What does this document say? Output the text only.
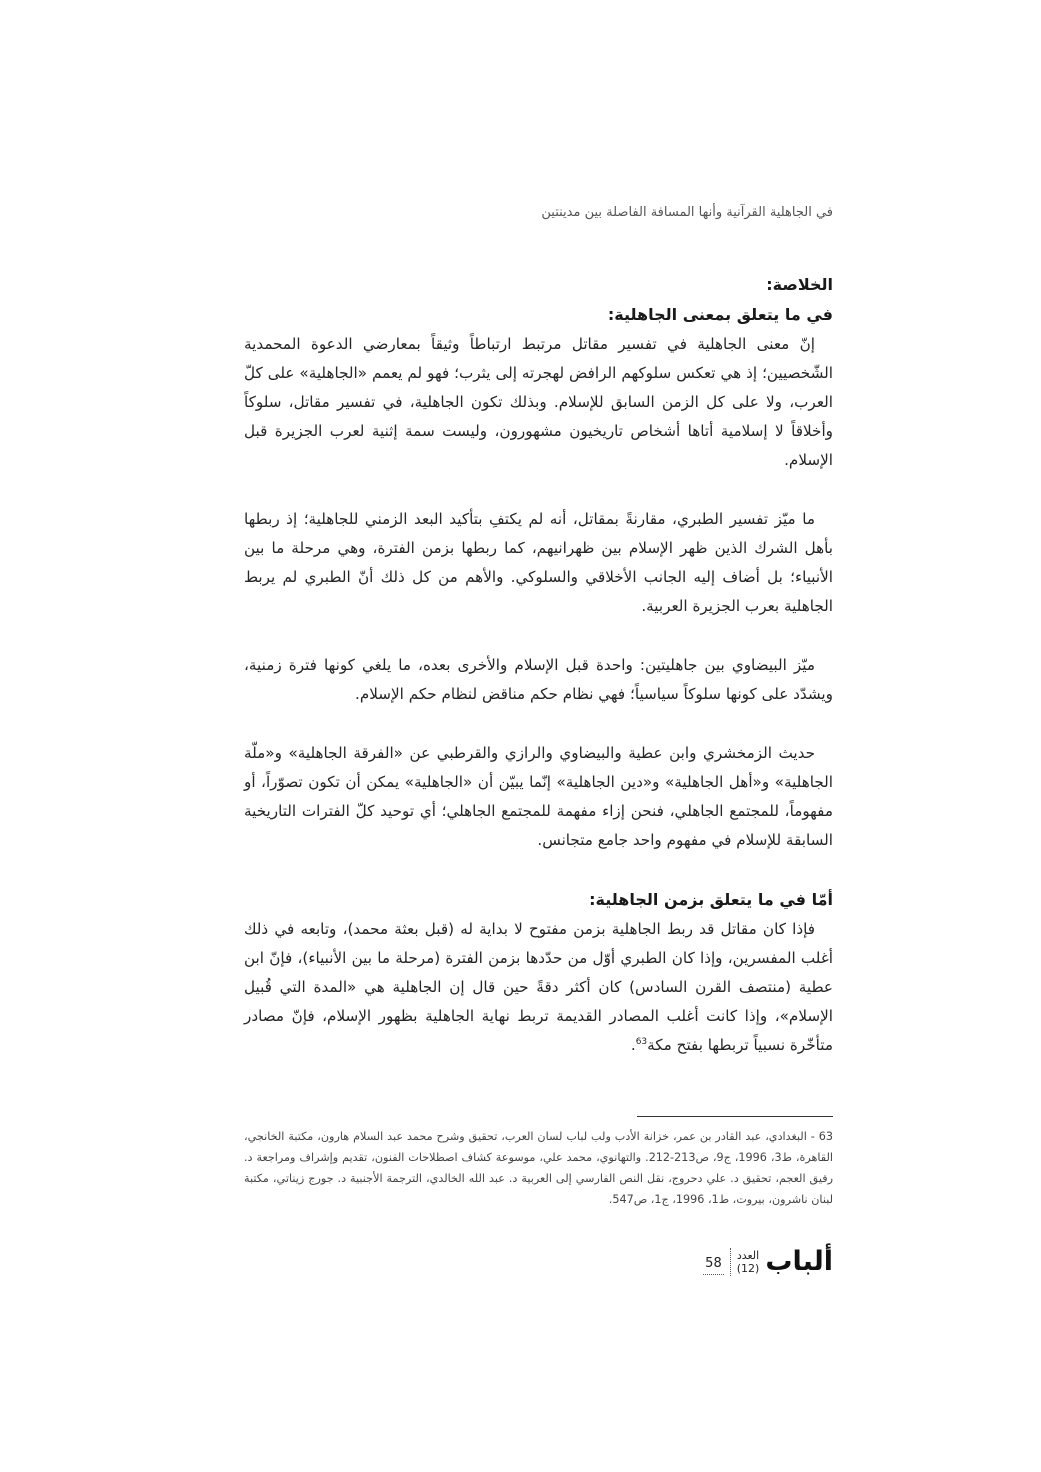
في الجاهلية القرآنية وأنها المسافة الفاصلة بين مدينتين
الخلاصة:
في ما يتعلق بمعنى الجاهلية:

إنّ معنى الجاهلية في تفسير مقاتل مرتبط ارتباطاً وثيقاً بمعارضي الدعوة المحمدية الشّخصيين؛ إذ هي تعكس سلوكهم الرافض لهجرته إلى يثرب؛ فهو لم يعمم «الجاهلية» على كلّ العرب، ولا على كل الزمن السابق للإسلام. وبذلك تكون الجاهلية، في تفسير مقاتل، سلوكاً وأخلاقاً لا إسلامية أتاها أشخاص تاريخيون مشهورون، وليست سمة إثنية لعرب الجزيرة قبل الإسلام.

ما ميّز تفسير الطبري، مقارنةً بمقاتل، أنه لم يكتفِ بتأكيد البعد الزمني للجاهلية؛ إذ ربطها بأهل الشرك الذين ظهر الإسلام بين ظهرانيهم، كما ربطها بزمن الفترة، وهي مرحلة ما بين الأنبياء؛ بل أضاف إليه الجانب الأخلاقي والسلوكي. والأهم من كل ذلك أنّ الطبري لم يربط الجاهلية بعرب الجزيرة العربية.

ميّز البيضاوي بين جاهليتين: واحدة قبل الإسلام والأخرى بعده، ما يلغي كونها فترة زمنية، ويشدّد على كونها سلوكاً سياسياً؛ فهي نظام حكم مناقض لنظام حكم الإسلام.

حديث الزمخشري وابن عطية والبيضاوي والرازي والقرطبي عن «الفرقة الجاهلية» و«ملّة الجاهلية» و«أهل الجاهلية» و«دين الجاهلية» إنّما يبيّن أن «الجاهلية» يمكن أن تكون تصوّراً، أو مفهوماً، للمجتمع الجاهلي، فنحن إزاء مفهمة للمجتمع الجاهلي؛ أي توحيد كلّ الفترات التاريخية السابقة للإسلام في مفهوم واحد جامع متجانس.

أمّا في ما يتعلق بزمن الجاهلية:

فإذا كان مقاتل قد ربط الجاهلية بزمن مفتوح لا بداية له (قبل بعثة محمد)، وتابعه في ذلك أغلب المفسرين، وإذا كان الطبري أوّل من حدّدها بزمن الفترة (مرحلة ما بين الأنبياء)، فإنّ ابن عطية (منتصف القرن السادس) كان أكثر دقةً حين قال إن الجاهلية هي «المدة التي قُبيل الإسلام»، وإذا كانت أغلب المصادر القديمة تربط نهاية الجاهلية بظهور الإسلام، فإنّ مصادر متأخّرة نسبياً تربطها بفتح مكة$^{63}$.

63 - البغدادي، عبد القادر بن عمر، خزانة الأدب ولب لباب لسان العرب، تحقيق وشرح محمد عبد السلام هارون، مكتبة الخانجي، القاهرة، ط3، 1996، ج9، ص213-212. والتهانوي، محمد علي، موسوعة كشاف اصطلاحات الفنون، تقديم وإشراف ومراجعة د. رفيق العجم، تحقيق د. علي دحروج، نقل النص الفارسي إلى العربية د. عبد الله الخالدي، الترجمة الأجنبية د. جورج زيناتي، مكتبة لبنان ناشرون، بيروت، ط1، 1996، ج1، ص547.

ألباب
العدد
(12)
58
